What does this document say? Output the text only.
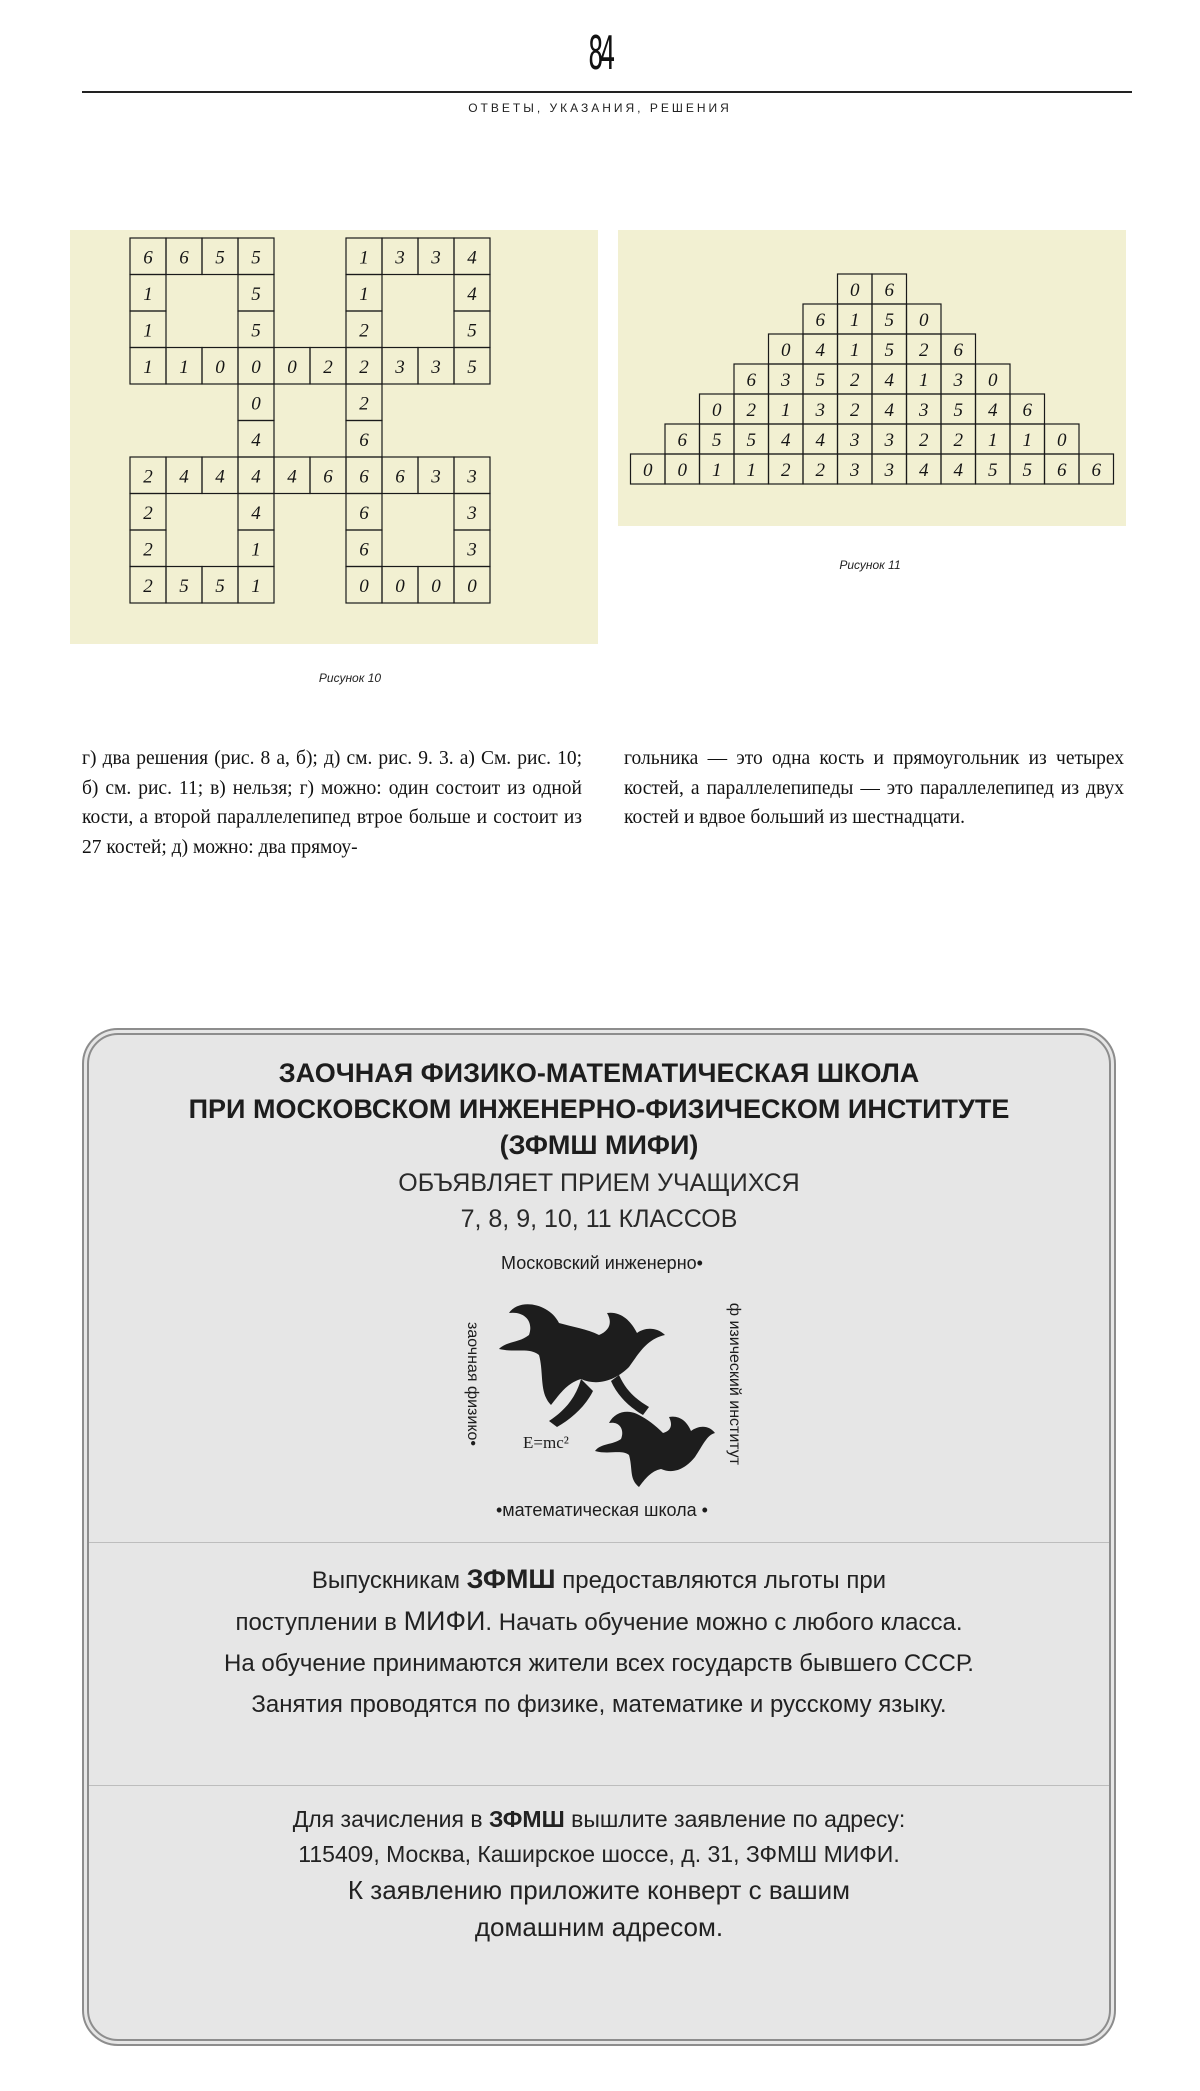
84
ОТВЕТЫ, УКАЗАНИЯ, РЕШЕНИЯ
6 6 5 5	1 3 3 4
1	5	1	4
1	5	2	5
1 1 0 0 0 2 2 3 3 5
0	2
4	6
2 4 4 4 4 6 6 6 3 3
2	4	6	3
2	1	6	3
2 5 5 1	0 0 0 0
Рисунок 10
0 6
6 1 5 0
0 4 1 5 2 6
6 3 5 2 4 1 3 0
0 2 1 3 2 4 3 5 4 6
6 5 5 4 4 3 3 2 2 1 1 0
0 0 1 1 2 2 3 3 4 4 5 5 6 6
Рисунок 11
г) два решения (рис. 8 а, б); д) см. рис. 9. 3. а) См. рис. 10; б) см. рис. 11; в) нельзя; г) можно: один состоит из одной кости, а второй параллелепипед втрое больше и состоит из 27 костей; д) можно: два прямоу-
гольника — это одна кость и прямоугольник из четырех костей, а параллелепипеды — это параллелепипед из двух костей и вдвое больший из шестнадцати.
ЗАОЧНАЯ ФИЗИКО-МАТЕМАТИЧЕСКАЯ ШКОЛА
ПРИ МОСКОВСКОМ ИНЖЕНЕРНО-ФИЗИЧЕСКОМ ИНСТИТУТЕ
(ЗФМШ МИФИ)
ОБЪЯВЛЯЕТ ПРИЕМ УЧАЩИХСЯ
7, 8, 9, 10, 11 КЛАССОВ
Московский инженерно•
ф изический институт
заочная физико•
•математическая школа •
E=mc²
Выпускникам ЗФМШ предоставляются льготы при
поступлении в МИФИ. Начать обучение можно с любого класса.
На обучение принимаются жители всех государств бывшего СССР.
Занятия проводятся по физике, математике и русскому языку.
Для зачисления в ЗФМШ вышлите заявление по адресу:
115409, Москва, Каширское шоссе, д. 31, ЗФМШ МИФИ.
К заявлению приложите конверт с вашим
домашним адресом.
